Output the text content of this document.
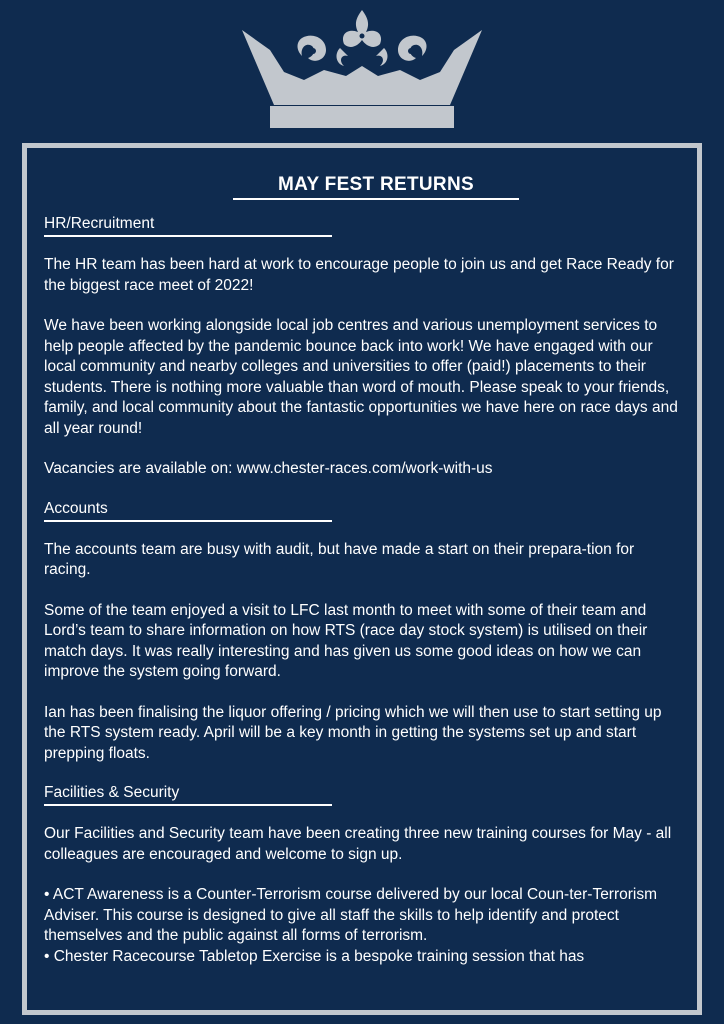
MAY FEST RETURNS
HR/Recruitment

The HR team has been hard at work to encourage people to join us and get Race Ready for the biggest race meet of 2022!

We have been working alongside local job centres and various unemployment services to help people affected by the pandemic bounce back into work! We have engaged with our local community and nearby colleges and universities to offer (paid!) placements to their students. There is nothing more valuable than word of mouth. Please speak to your friends, family, and local community about the fantastic opportunities we have here on race days and all year round!

Vacancies are available on: www.chester-races.com/work-with-us

Accounts

The accounts team are busy with audit, but have made a start on their prepara-tion for racing.

Some of the team enjoyed a visit to LFC last month to meet with some of their team and Lord’s team to share information on how RTS (race day stock system) is utilised on their match days. It was really interesting and has given us some good ideas on how we can improve the system going forward.

Ian has been finalising the liquor offering / pricing which we will then use to start setting up the RTS system ready. April will be a key month in getting the systems set up and start prepping floats.

Facilities & Security

Our Facilities and Security team have been creating three new training courses for May - all colleagues are encouraged and welcome to sign up.

• ACT Awareness is a Counter-Terrorism course delivered by our local Coun-ter-Terrorism Adviser. This course is designed to give all staff the skills to help identify and protect themselves and the public against all forms of terrorism.

• Chester Racecourse Tabletop Exercise is a bespoke training session that has
